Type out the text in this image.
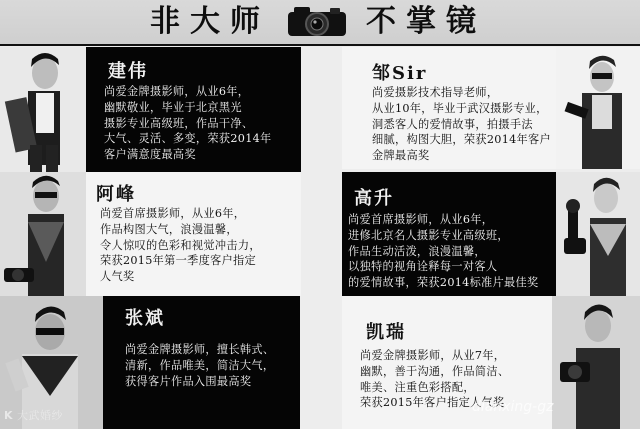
非 大 师	不 掌 镜
建伟
尚爱金牌摄影师，从业6年，
幽默敬业，毕业于北京黑光
摄影专业高级班，作品干净、
大气、灵活、多变，荣获2014年
客户满意度最高奖
邹Sir
尚爱摄影技术指导老师，
从业10年，毕业于武汉摄影专业，
洞悉客人的爱情故事，拍摄手法
细腻，构图大胆，荣获2014年客户
金牌最高奖
阿峰
尚爱首席摄影师，从业6年，
作品构图大气，浪漫温馨，
令人惊叹的色彩和视觉冲击力，
荣获2015年第一季度客户指定
人气奖
高升
尚爱首席摄影师，从业6年，
进修北京名人摄影专业高级班，
作品生动活泼，浪漫温馨，
以独特的视角诠释每一对客人
的爱情故事，荣获2014标准片最佳奖
张斌
尚爱金牌摄影师，擅长韩式、
清新，作品唯美，简洁大气，
获得客片作品入围最高奖
凯瑞
尚爱金牌摄影师，从业7年，
幽默，善于沟通，作品简洁、
唯美、注重色彩搭配，
荣获2015年客户指定人气奖
K 大武婚纱
dianxing-gz
